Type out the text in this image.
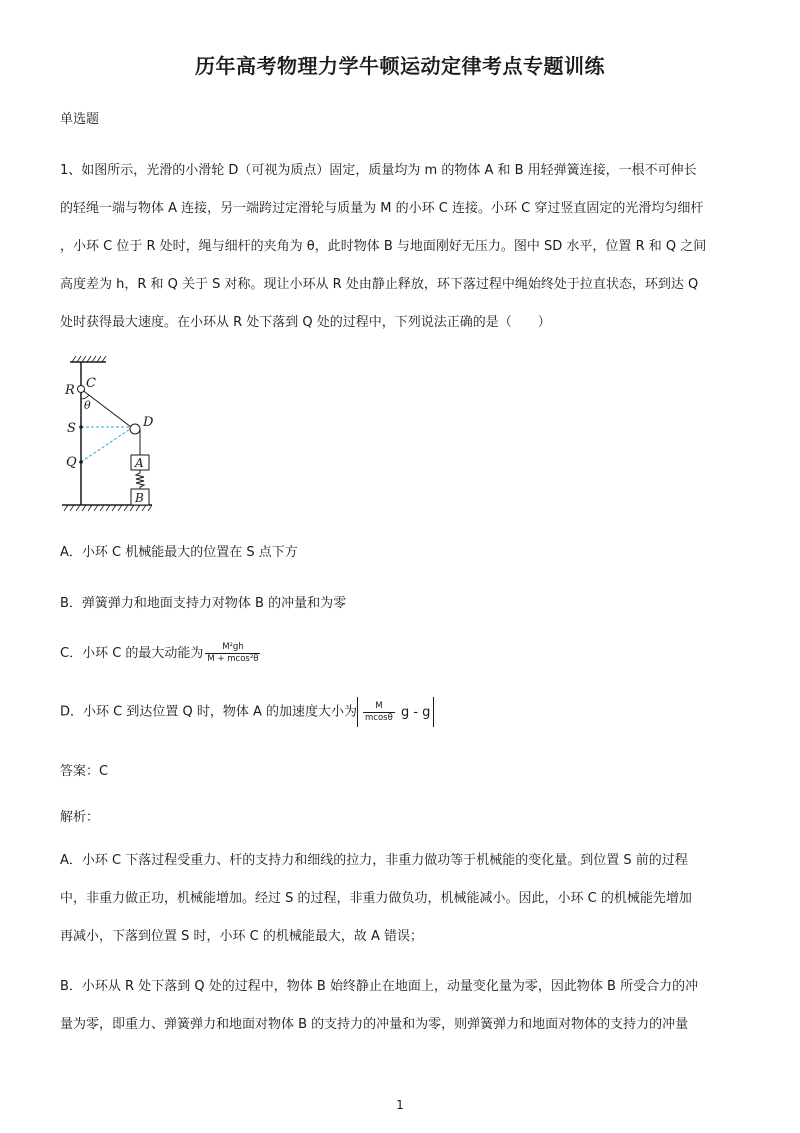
历年高考物理力学牛顿运动定律考点专题训练
单选题

1、如图所示，光滑的小滑轮 D（可视为质点）固定，质量均为 m 的物体 A 和 B 用轻弹簧连接，一根不可伸长

的轻绳一端与物体 A 连接，另一端跨过定滑轮与质量为 M 的小环 C 连接。小环 C 穿过竖直固定的光滑均匀细杆

，小环 C 位于 R 处时，绳与细杆的夹角为 θ，此时物体 B 与地面刚好无压力。图中 SD 水平，位置 R 和 Q 之间

高度差为 h，R 和 Q 关于 S 对称。现让小环从 R 处由静止释放，环下落过程中绳始终处于拉直状态，环到达 Q

处时获得最大速度。在小环从 R 处下落到 Q 处的过程中，下列说法正确的是（　　）

R C
θ
S	D
Q	A
B
A．小环 C 机械能最大的位置在 S 点下方
B．弹簧弹力和地面支持力对物体 B 的冲量和为零
C．小环 C 的最大动能为 $\frac{\text{M²gh}}{\text{M + mcos²θ}}$
D．小环 C 到达位置 Q 时，物体 A 的加速度大小为 $\frac{M}{mcos\theta}$
g - g
答案：C
解析：

A．小环 C 下落过程受重力、杆的支持力和细线的拉力，非重力做功等于机械能的变化量。到位置 S 前的过程

中，非重力做正功，机械能增加。经过 S 的过程，非重力做负功，机械能减小。因此，小环 C 的机械能先增加

再减小，下落到位置 S 时，小环 C 的机械能最大，故 A 错误；

B．小环从 R 处下落到 Q 处的过程中，物体 B 始终静止在地面上，动量变化量为零，因此物体 B 所受合力的冲

量为零，即重力、弹簧弹力和地面对物体 B 的支持力的冲量和为零，则弹簧弹力和地面对物体的支持力的冲量

1
